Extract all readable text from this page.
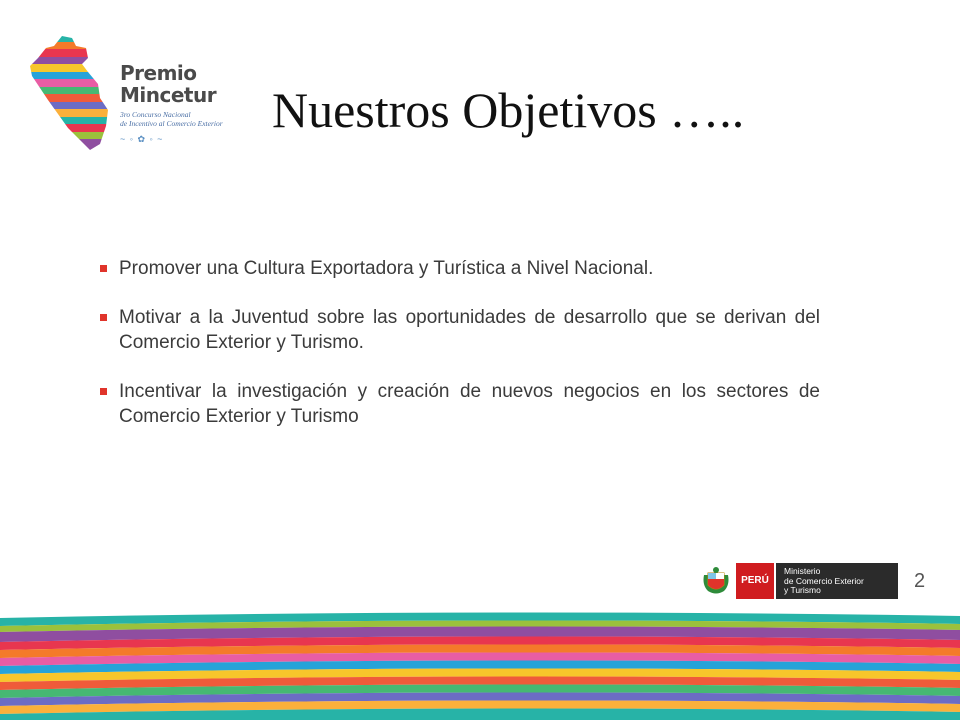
Premio
Mincetur
3ro Concurso Nacional
de Incentivo al Comercio Exterior
~ ◦ ✿ ◦ ~
Nuestros Objetivos …..
Promover una Cultura Exportadora y Turística a Nivel Nacional.
Motivar a la Juventud sobre las oportunidades de desarrollo que se derivan del Comercio Exterior y Turismo.
Incentivar la investigación y creación de nuevos negocios en los sectores de Comercio Exterior y Turismo
PERÚ
Ministerio
de Comercio Exterior
y Turismo	2
